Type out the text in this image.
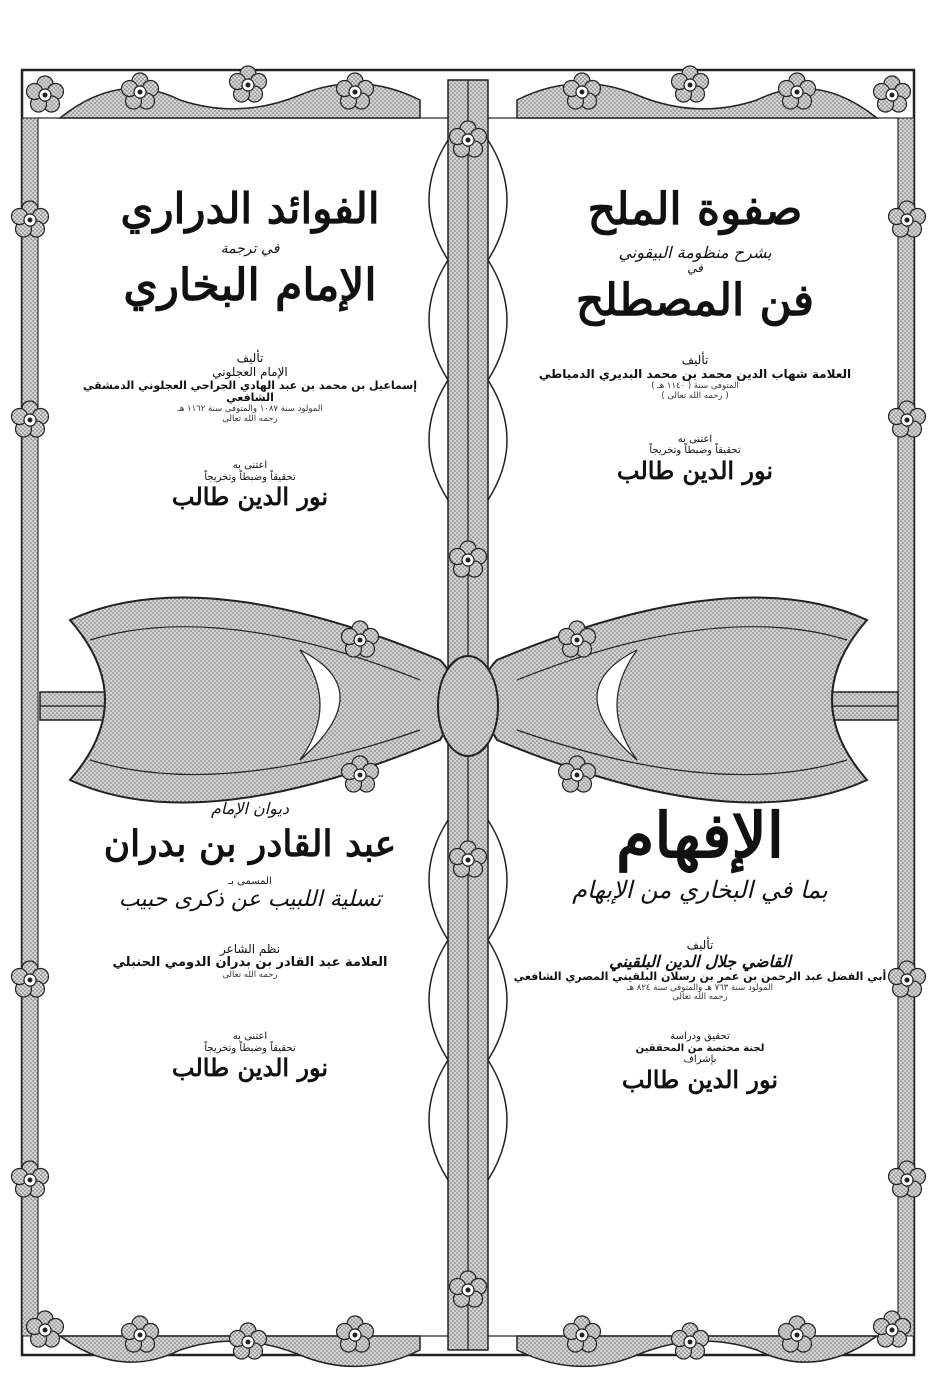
صفوة الملح
بشرح منظومة البيقوني
في
فن المصطلح
تأليف
العلامة شهاب الدين محمد بن محمد البديري الدمياطي
المتوفى سنة ( ١١٤٠ هـ )
( رحمه الله تعالى )
اعتنى به
تحقيقاً وضبطاً وتخريجاً
نور الدين طالب
الفوائد الدراري
في ترجمة
الإمام البخاري
تأليف
الإمام العجلوني
إسماعيل بن محمد بن عبد الهادي الجراحي العجلوني الدمشقي الشافعي
المولود سنة ١٠٨٧ والمتوفى سنة ١١٦٢ هـ
رحمه الله تعالى
اعتنى به
تحقيقاً وضبطاً وتخريجاً
نور الدين طالب
الإفهام
بما في البخاري من الإبهام
تأليف
القاضي جلال الدين البلقيني
أبي الفضل عبد الرحمن بن عمر بن رسلان البلقيني المصري الشافعي
المولود سنة ٧٦٣ هـ والمتوفى سنة ٨٢٤ هـ
رحمه الله تعالى
تحقيق ودراسة
لجنة مختصة من المحققين
بإشراف
نور الدين طالب
ديوان الإمام
عبد القادر بن بدران
المسمى بـ
تسلية اللبيب عن ذكرى حبيب
نظم الشاعر
العلامة عبد القادر بن بدران الدومي الحنبلي
رحمه الله تعالى
اعتنى به
تحقيقاً وضبطاً وتخريجاً
نور الدين طالب
